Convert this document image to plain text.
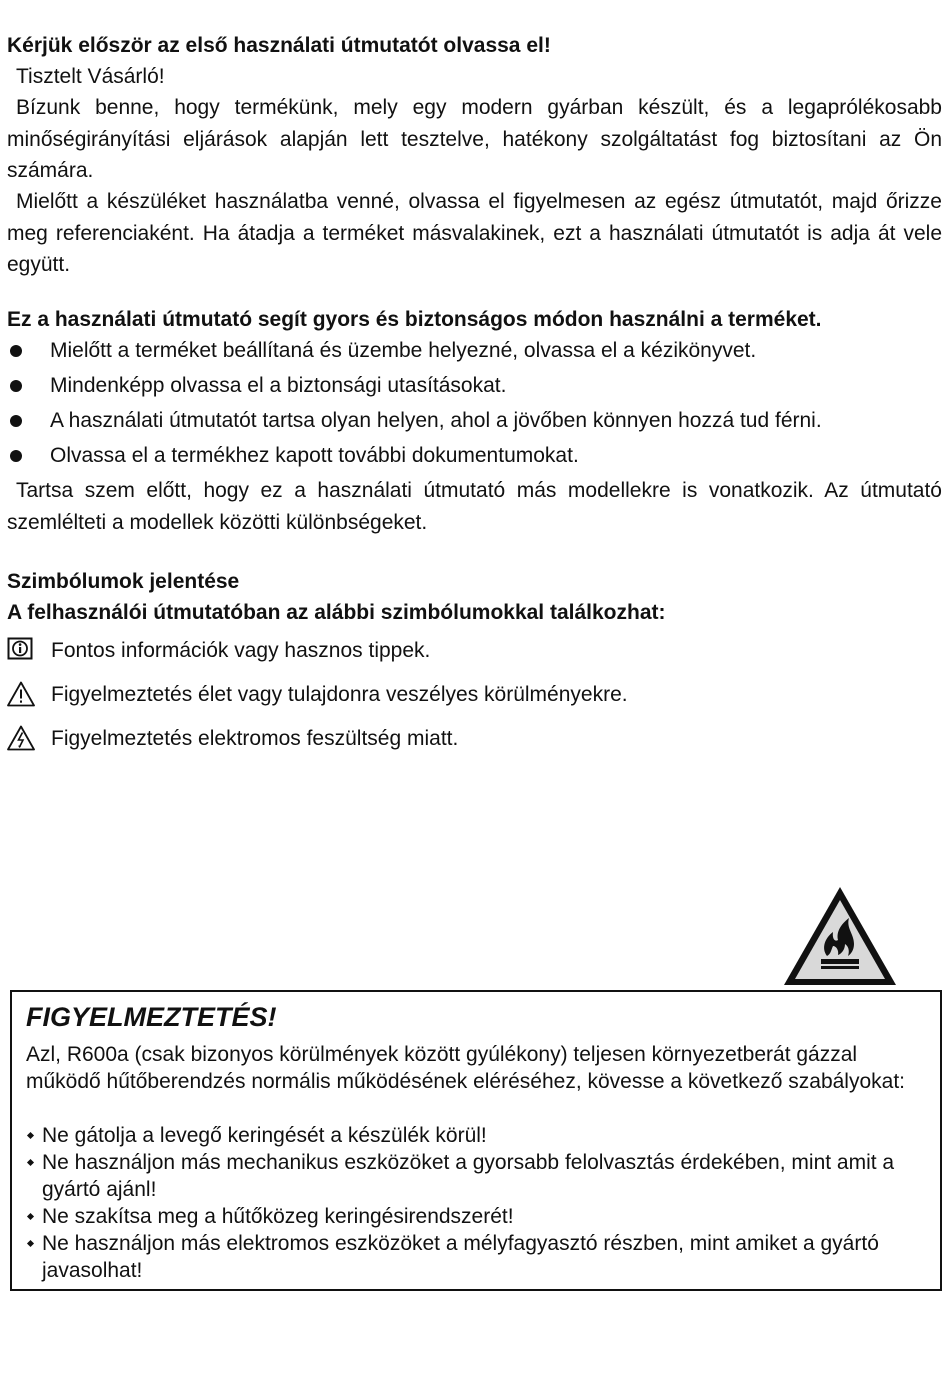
Kérjük először az első használati útmutatót olvassa el!
Tisztelt Vásárló!
Bízunk benne, hogy termékünk, mely egy modern gyárban készült, és a legaprólékosabb minőségirányítási eljárások alapján lett tesztelve, hatékony szolgáltatást fog biztosítani az Ön számára.
Mielőtt a készüléket használatba venné, olvassa el figyelmesen az egész útmutatót, majd őrizze meg referenciaként. Ha átadja a terméket másvalakinek, ezt a használati útmutatót is adja át vele együtt.
Ez a használati útmutató segít gyors és biztonságos módon használni a terméket.
Mielőtt a terméket beállítaná és üzembe helyezné, olvassa el a kézikönyvet.
Mindenképp olvassa el a biztonsági utasításokat.
A használati útmutatót tartsa olyan helyen, ahol a jövőben könnyen hozzá tud férni.
Olvassa el a termékhez kapott további dokumentumokat.
Tartsa szem előtt, hogy ez a használati útmutató más modellekre is vonatkozik. Az útmutató szemlélteti a modellek közötti különbségeket.
Szimbólumok jelentése
A felhasználói útmutatóban az alábbi szimbólumokkal találkozhat:
Fontos információk vagy hasznos tippek.
Figyelmeztetés élet vagy tulajdonra veszélyes körülményekre.
Figyelmeztetés elektromos feszültség miatt.
FIGYELMEZTETÉS!
Azl, R600a (csak bizonyos körülmények között gyúlékony) teljesen környezetberát gázzal működő hűtőberendzés normális működésének eléréséhez, kövesse a következő szabályokat:
Ne gátolja a levegő keringését a készülék körül!
Ne használjon más mechanikus eszközöket a gyorsabb felolvasztás érdekében, mint amit a gyártó ajánl!
Ne szakítsa meg a hűtőközeg keringésirendszerét!
Ne használjon más elektromos eszközöket a mélyfagyasztó részben, mint amiket a gyártó javasolhat!
